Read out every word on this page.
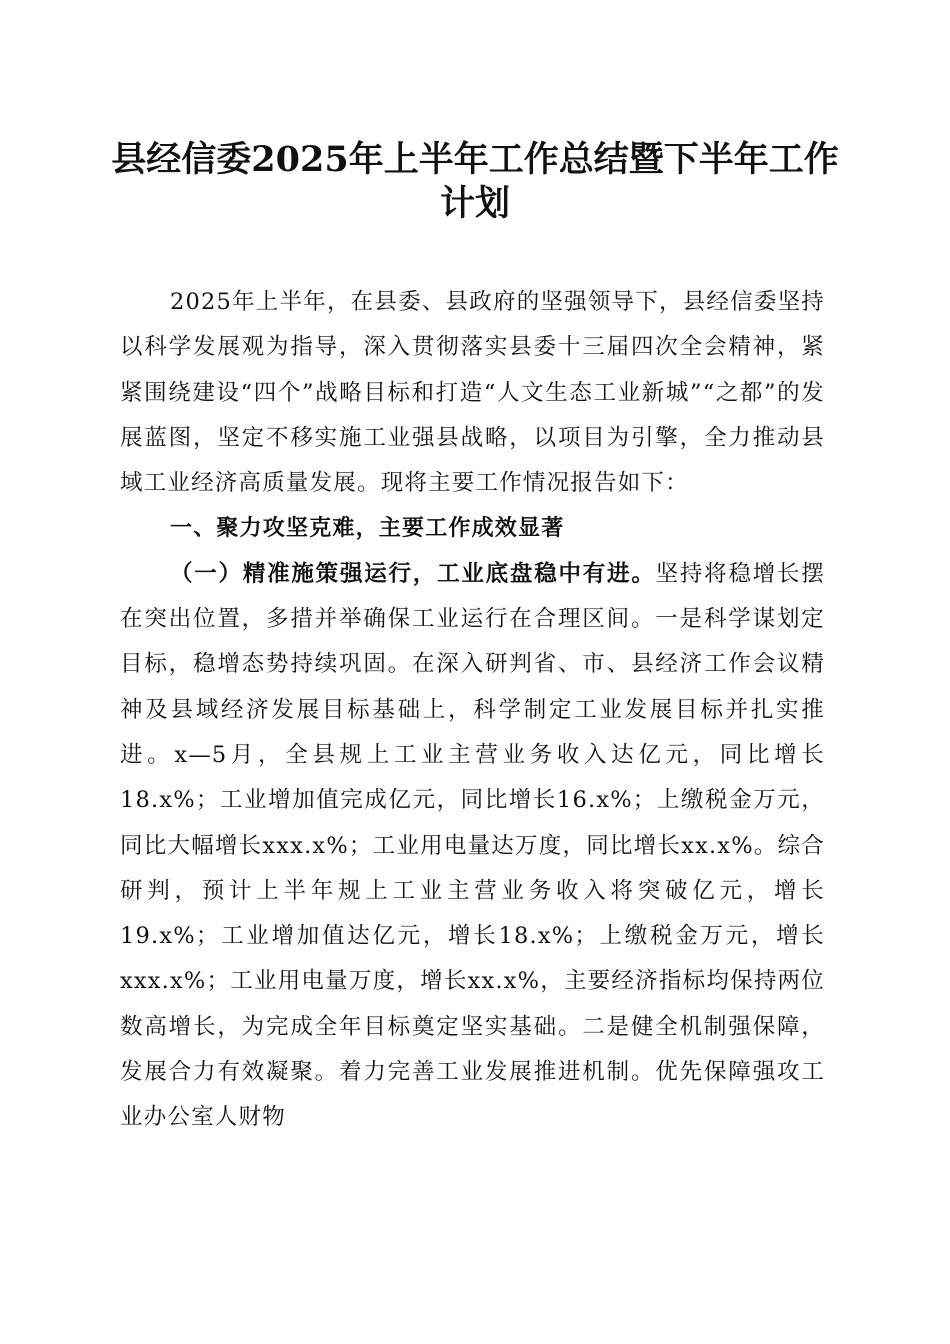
县经信委2025年上半年工作总结暨下半年工作计划

2025年上半年，在县委、县政府的坚强领导下，县经信委坚持以科学发展观为指导，深入贯彻落实县委十三届四次全会精神，紧紧围绕建设“四个”战略目标和打造“人文生态工业新城”“之都”的发展蓝图，坚定不移实施工业强县战略，以项目为引擎，全力推动县域工业经济高质量发展。现将主要工作情况报告如下：

一、聚力攻坚克难，主要工作成效显著

（一）精准施策强运行，工业底盘稳中有进。坚持将稳增长摆在突出位置，多措并举确保工业运行在合理区间。一是科学谋划定目标，稳增态势持续巩固。在深入研判省、市、县经济工作会议精神及县域经济发展目标基础上，科学制定工业发展目标并扎实推进。x—5月，全县规上工业主营业务收入达亿元，同比增长18.x%；工业增加值完成亿元，同比增长16.x%；上缴税金万元，同比大幅增长xxx.x%；工业用电量达万度，同比增长xx.x%。综合研判，预计上半年规上工业主营业务收入将突破亿元，增长19.x%；工业增加值达亿元，增长18.x%；上缴税金万元，增长xxx.x%；工业用电量万度，增长xx.x%，主要经济指标均保持两位数高增长，为完成全年目标奠定坚实基础。二是健全机制强保障，发展合力有效凝聚。着力完善工业发展推进机制。优先保障强攻工业办公室人财物
